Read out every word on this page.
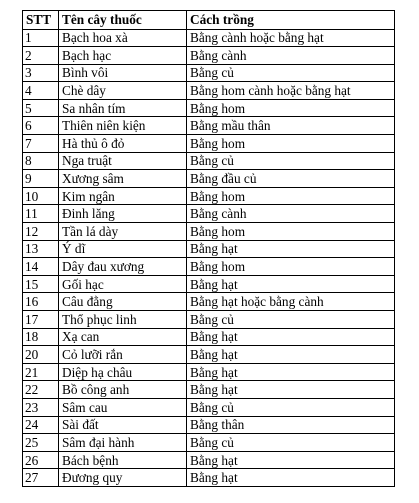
STT	Tên cây thuốc	Cách trồng
1	Bạch hoa xà	Bằng cành hoặc bằng hạt
2	Bạch hạc	Bằng cành
3	Bình vôi	Bằng củ
4	Chè dây	Bằng hom cành hoặc bằng hạt
5	Sa nhân tím	Bằng hom
6	Thiên niên kiện	Bằng mầu thân
7	Hà thủ ô đỏ	Bằng hom
8	Nga truật	Bằng củ
9	Xương sâm	Bằng đầu củ
10	Kim ngân	Bằng hom
11	Đinh lăng	Bằng cành
12	Tần lá dày	Bằng hom
13	Ý dĩ	Bằng hạt
14	Dây đau xương	Bằng hom
15	Gối hạc	Bằng hạt
16	Câu đằng	Bằng hạt hoặc bằng cành
17	Thổ phục linh	Bằng củ
18	Xạ can	Bằng hạt
20	Cỏ lưỡi rắn	Bằng hạt
21	Diệp hạ châu	Bằng hạt
22	Bồ công anh	Bằng hạt
23	Sâm cau	Bằng củ
24	Sài đất	Bằng thân
25	Sâm đại hành	Bằng củ
26	Bách bệnh	Bằng hạt
27	Đương quy	Bằng hạt
